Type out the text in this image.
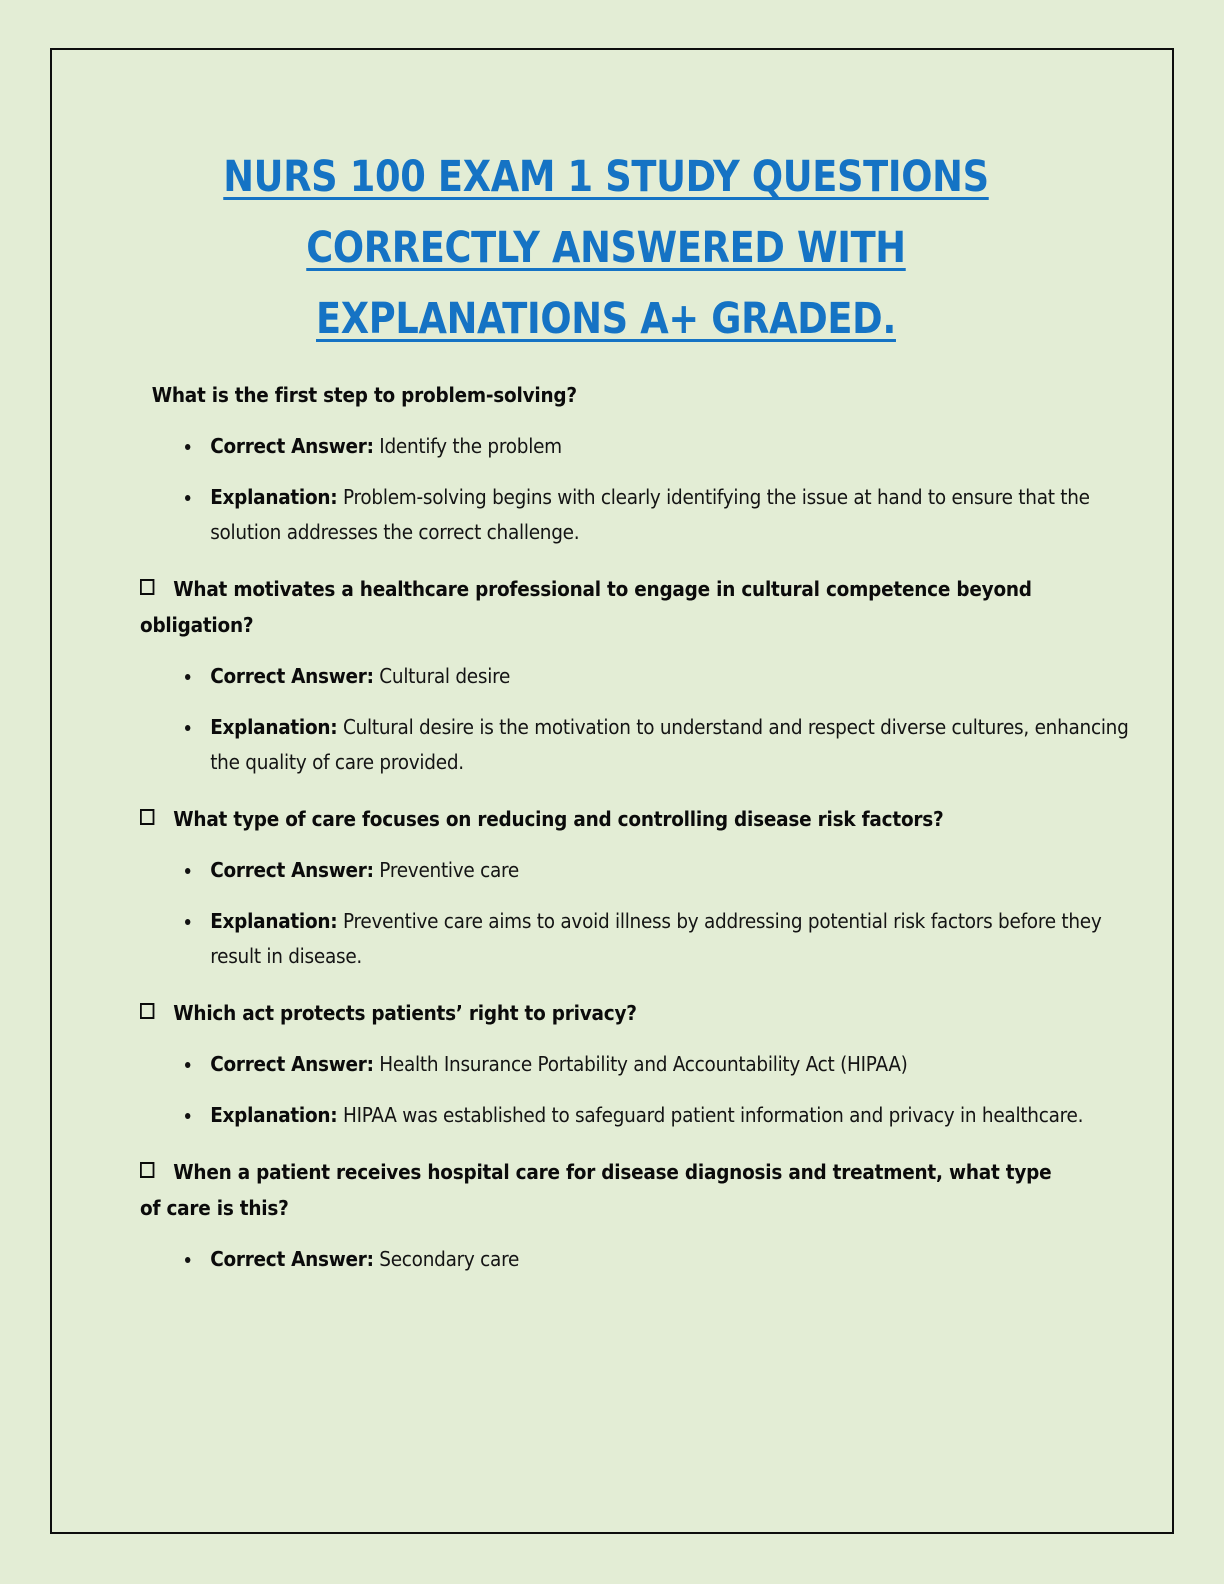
NURS 100 EXAM 1 STUDY QUESTIONS
CORRECTLY ANSWERED WITH
EXPLANATIONS A+ GRADED.

What is the first step to problem-solving?

Correct Answer: Identify the problem
Explanation: Problem-solving begins with clearly identifying the issue at hand to ensure that the solution addresses the correct challenge.

What motivates a healthcare professional to engage in cultural competence beyond obligation?

Correct Answer: Cultural desire
Explanation: Cultural desire is the motivation to understand and respect diverse cultures, enhancing the quality of care provided.

What type of care focuses on reducing and controlling disease risk factors?

Correct Answer: Preventive care
Explanation: Preventive care aims to avoid illness by addressing potential risk factors before they result in disease.

Which act protects patients’ right to privacy?

Correct Answer: Health Insurance Portability and Accountability Act (HIPAA)
Explanation: HIPAA was established to safeguard patient information and privacy in healthcare.

When a patient receives hospital care for disease diagnosis and treatment, what type of care is this?

Correct Answer: Secondary care
